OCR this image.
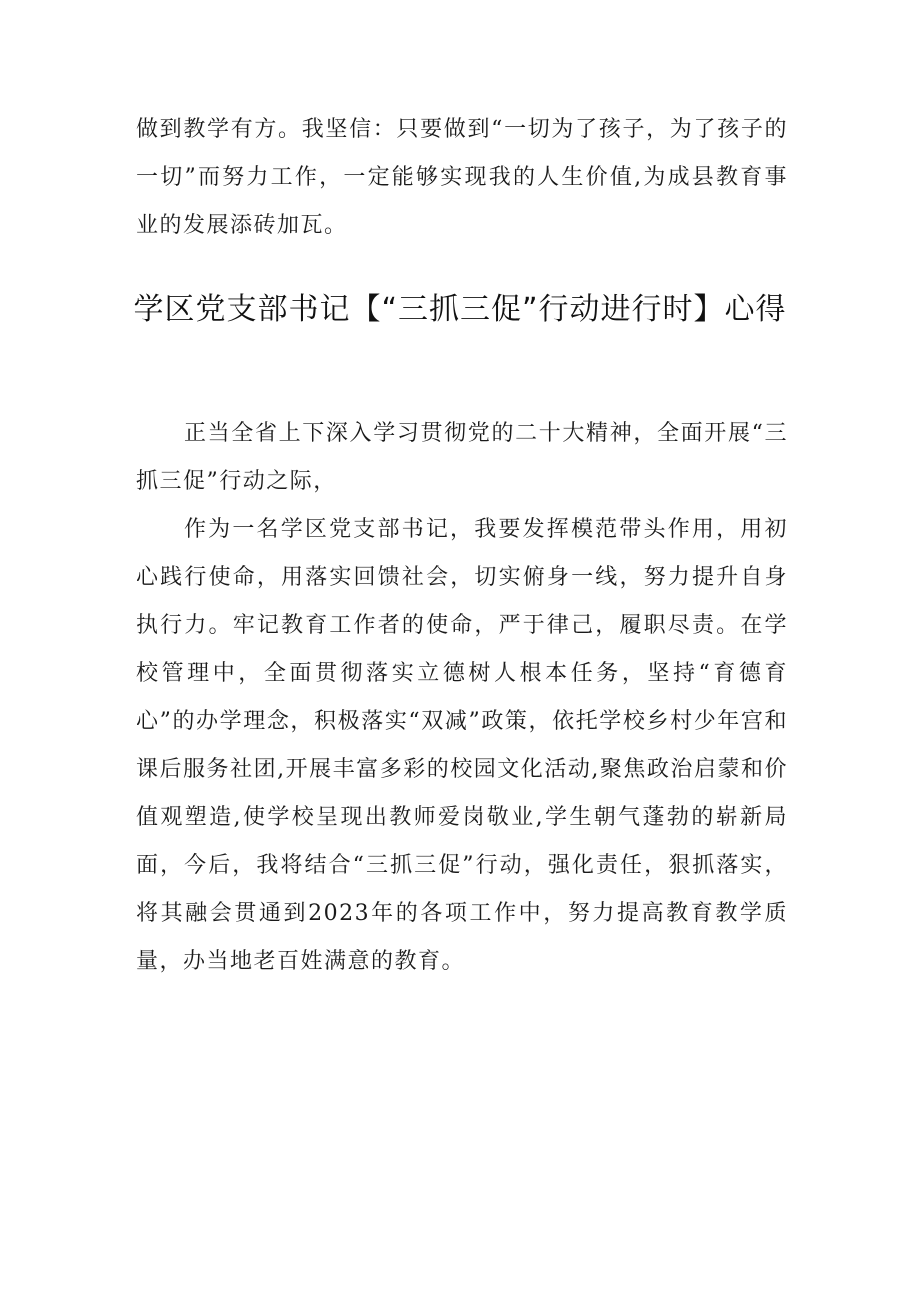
做到教学有方。我坚信：只要做到“一切为了孩子，为了孩子的一切”而努力工作，一定能够实现我的人生价值,为成县教育事业的发展添砖加瓦。

学区党支部书记【“三抓三促”行动进行时】心得

正当全省上下深入学习贯彻党的二十大精神，全面开展“三抓三促”行动之际，

作为一名学区党支部书记，我要发挥模范带头作用，用初心践行使命，用落实回馈社会，切实俯身一线，努力提升自身执行力。牢记教育工作者的使命，严于律己，履职尽责。在学校管理中，全面贯彻落实立德树人根本任务，坚持“育德育心”的办学理念，积极落实“双减”政策，依托学校乡村少年宫和课后服务社团,开展丰富多彩的校园文化活动,聚焦政治启蒙和价值观塑造,使学校呈现出教师爱岗敬业,学生朝气蓬勃的崭新局面，今后，我将结合“三抓三促”行动，强化责任，狠抓落实，将其融会贯通到2023年的各项工作中，努力提高教育教学质量，办当地老百姓满意的教育。
